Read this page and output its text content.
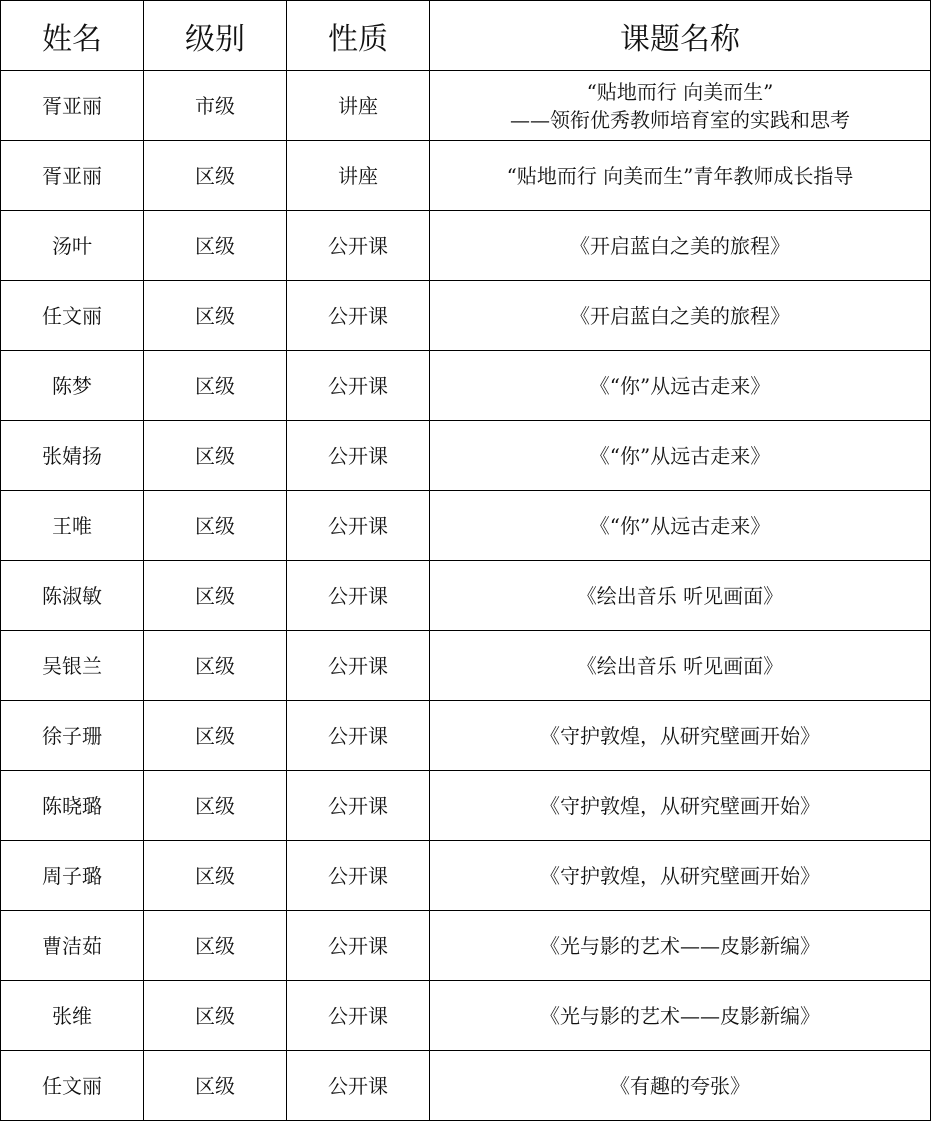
姓名	级别	性质	课题名称
胥亚丽	市级	讲座	“贴地而行 向美而生”
——领衔优秀教师培育室的实践和思考
胥亚丽	区级	讲座	“贴地而行 向美而生”青年教师成长指导
汤叶	区级	公开课	《开启蓝白之美的旅程》
任文丽	区级	公开课	《开启蓝白之美的旅程》
陈梦	区级	公开课	《“你”从远古走来》
张婧扬	区级	公开课	《“你”从远古走来》
王唯	区级	公开课	《“你”从远古走来》
陈淑敏	区级	公开课	《绘出音乐 听见画面》
吴银兰	区级	公开课	《绘出音乐 听见画面》
徐子珊	区级	公开课	《守护敦煌，从研究壁画开始》
陈晓璐	区级	公开课	《守护敦煌，从研究壁画开始》
周子璐	区级	公开课	《守护敦煌，从研究壁画开始》
曹洁茹	区级	公开课	《光与影的艺术——皮影新编》
张维	区级	公开课	《光与影的艺术——皮影新编》
任文丽	区级	公开课	《有趣的夸张》
